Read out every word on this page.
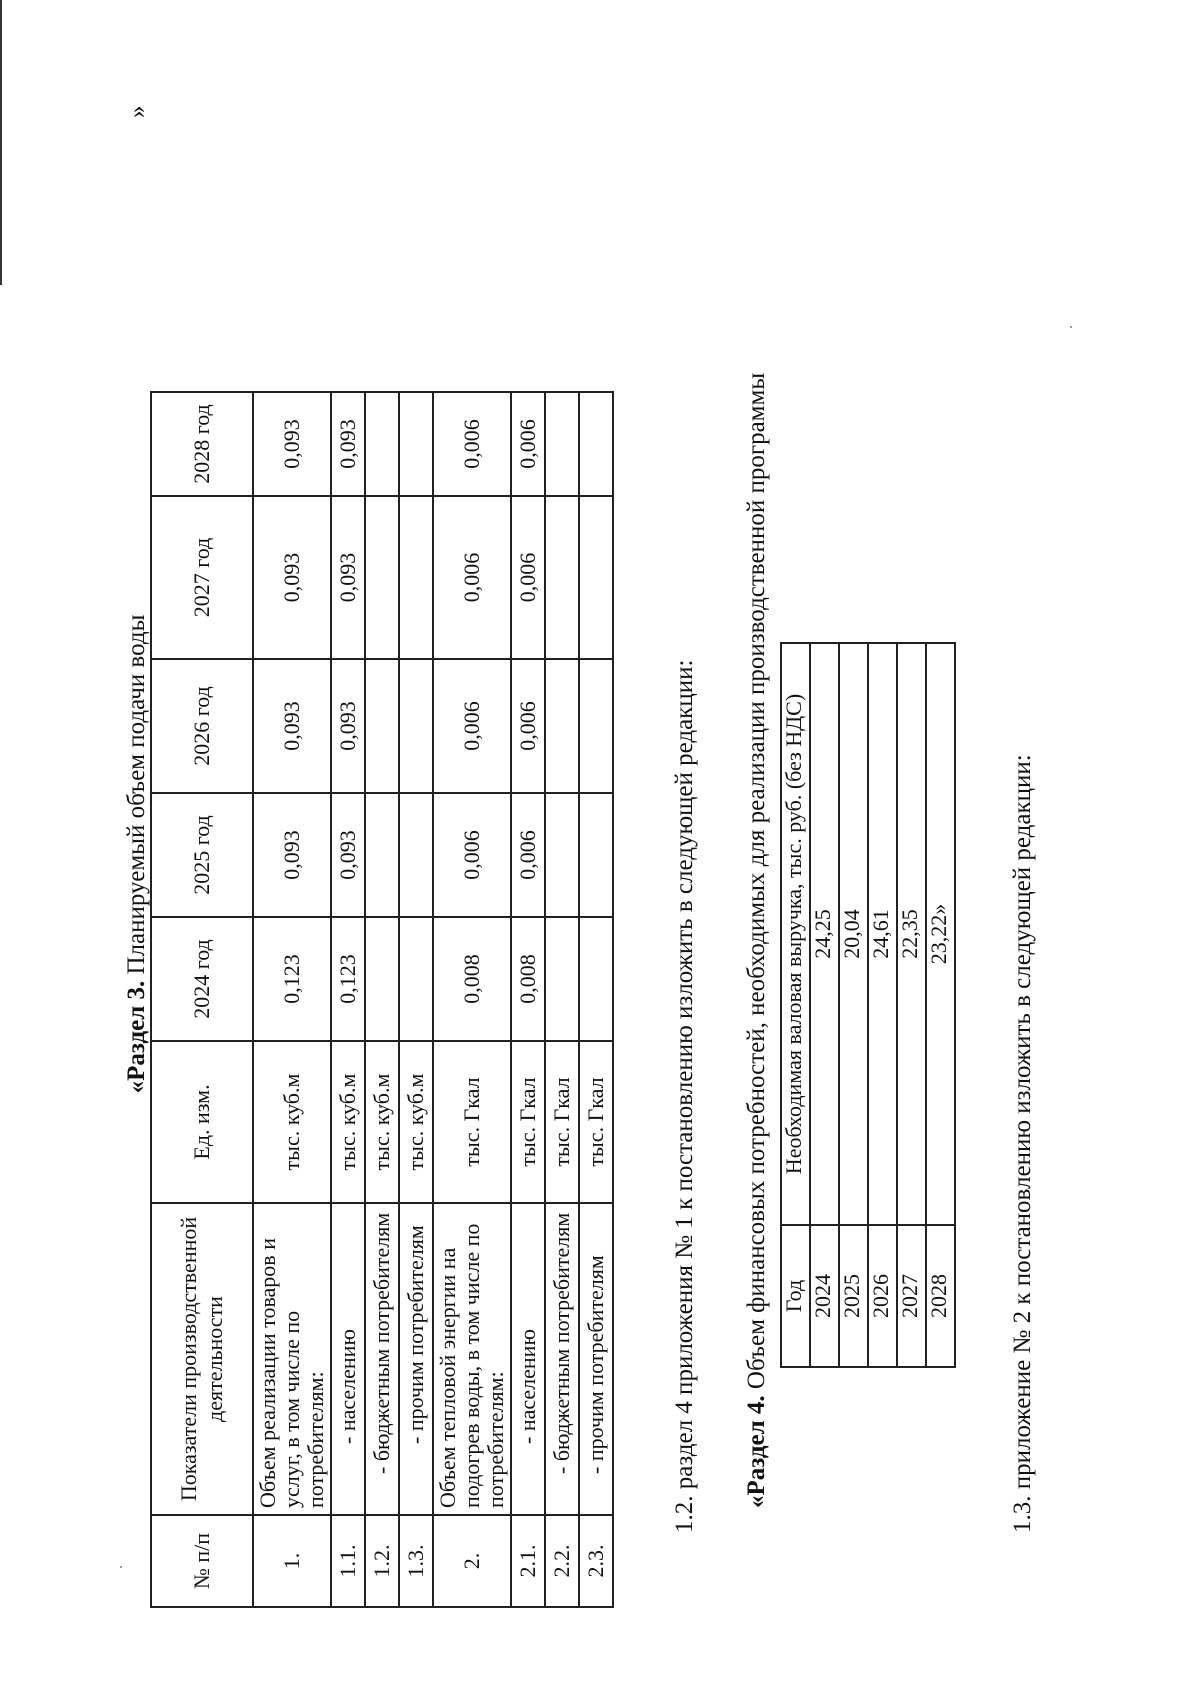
«Раздел 3. Планируемый объем подачи воды
№ п/п	Показатели производственной деятельности	Ед. изм.	2024 год	2025 год	2026 год	2027 год	2028 год
1.	Объем реализации товаров и услуг, в том числе по потребителям:	тыс. куб.м	0,123	0,093	0,093	0,093	0,093
1.1.	- населению	тыс. куб.м	0,123	0,093	0,093	0,093	0,093
1.2.	- бюджетным потребителям	тыс. куб.м					
1.3.	- прочим потребителям	тыс. куб.м					
2.	Объем тепловой энергии на подогрев воды, в том числе по потребителям:	тыс. Гкал	0,008	0,006	0,006	0,006	0,006
2.1.	- населению	тыс. Гкал	0,008	0,006	0,006	0,006	0,006
2.2.	- бюджетным потребителям	тыс. Гкал					
2.3.	- прочим потребителям	тыс. Гкал					
»
1.2. раздел 4 приложения № 1 к постановлению изложить в следующей редакции: «Раздел 4. Объем финансовых потребностей, необходимых для реализации производственной программы Год	Необходимая валовая выручка, тыс. руб. (без НДС)
2024	24,25
2025	20,04
2026	24,61
2027	22,35
2028	23,22» 1.3. приложение № 2 к постановлению изложить в следующей редакции:
